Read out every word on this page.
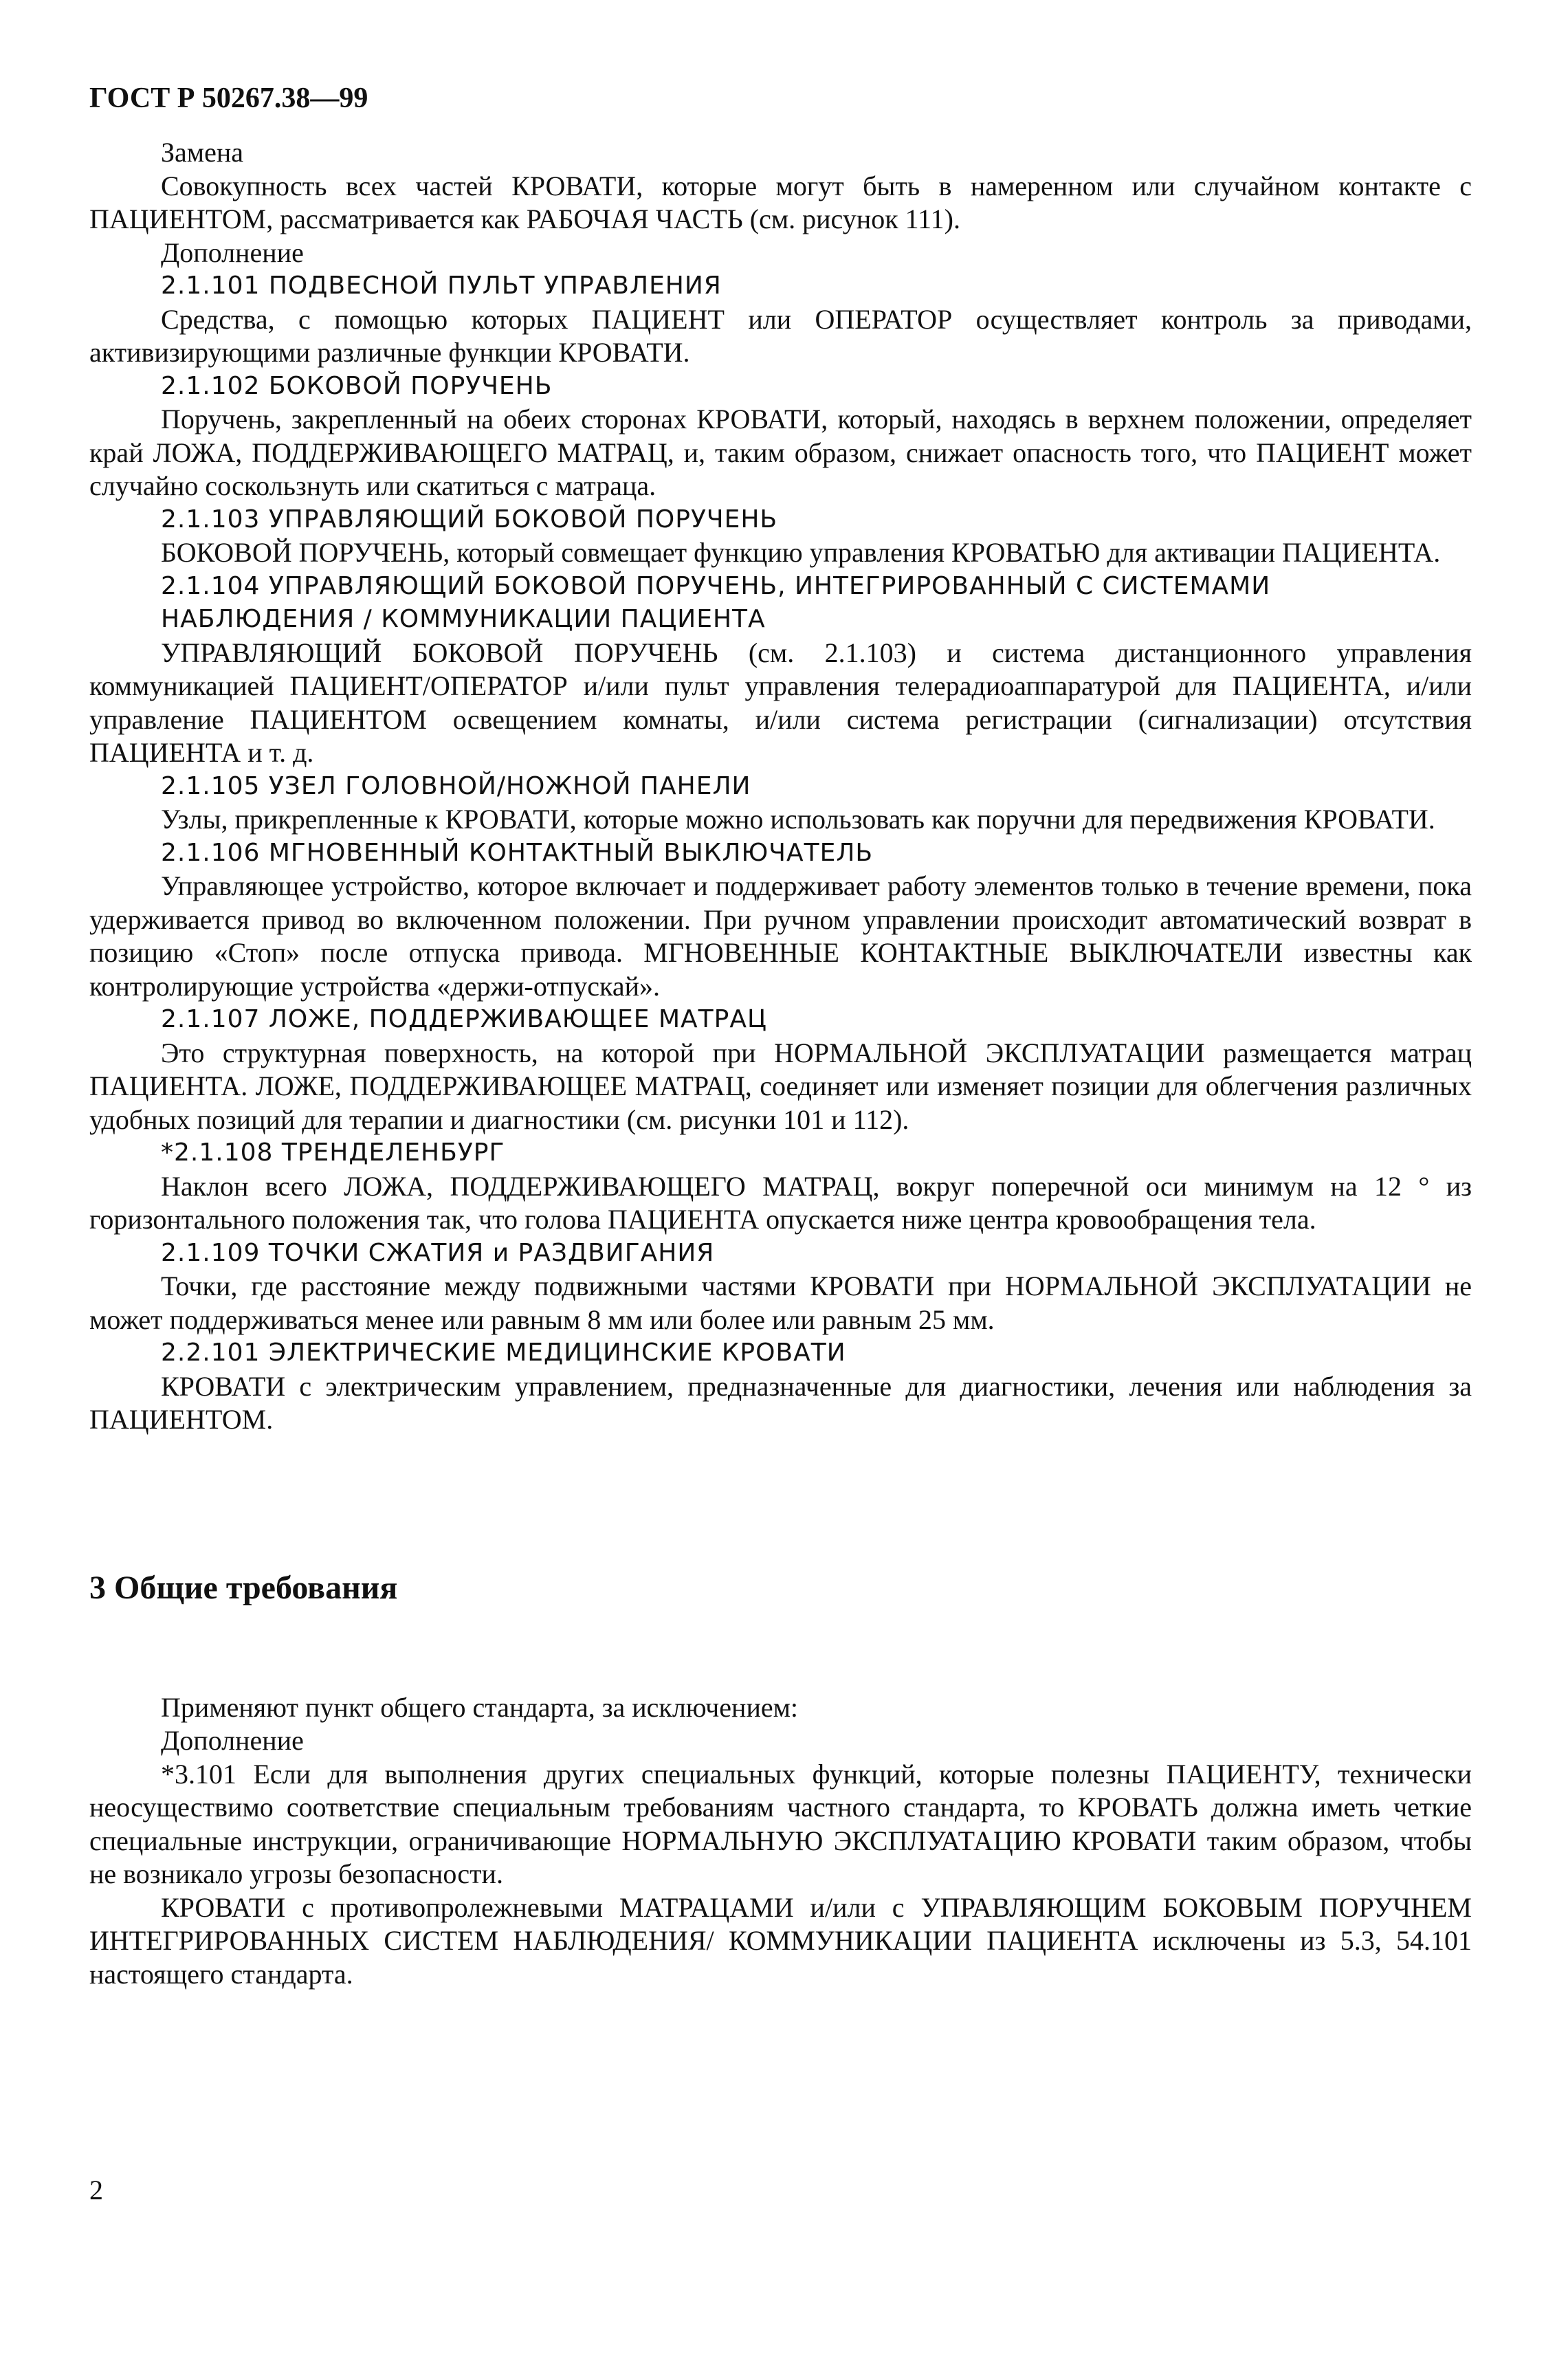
ГОСТ Р 50267.38—99

Замена

Совокупность всех частей КРОВАТИ, которые могут быть в намеренном или случайном контакте с ПАЦИЕНТОМ, рассматривается как РАБОЧАЯ ЧАСТЬ (см. рисунок 111).

Дополнение

2.1.101 ПОДВЕСНОЙ ПУЛЬТ УПРАВЛЕНИЯ

Средства, с помощью которых ПАЦИЕНТ или ОПЕРАТОР осуществляет контроль за приводами, активизирующими различные функции КРОВАТИ.

2.1.102 БОКОВОЙ ПОРУЧЕНЬ

Поручень, закрепленный на обеих сторонах КРОВАТИ, который, находясь в верхнем положении, определяет край ЛОЖА, ПОДДЕРЖИВАЮЩЕГО МАТРАЦ, и, таким образом, снижает опасность того, что ПАЦИЕНТ может случайно соскользнуть или скатиться с матраца.

2.1.103 УПРАВЛЯЮЩИЙ БОКОВОЙ ПОРУЧЕНЬ

БОКОВОЙ ПОРУЧЕНЬ, который совмещает функцию управления КРОВАТЬЮ для активации ПАЦИЕНТА.

2.1.104 УПРАВЛЯЮЩИЙ БОКОВОЙ ПОРУЧЕНЬ, ИНТЕГРИРОВАННЫЙ С СИСТЕМАМИ НАБЛЮДЕНИЯ / КОММУНИКАЦИИ ПАЦИЕНТА

УПРАВЛЯЮЩИЙ БОКОВОЙ ПОРУЧЕНЬ (см. 2.1.103) и система дистанционного управления коммуникацией ПАЦИЕНТ/ОПЕРАТОР и/или пульт управления телерадиоаппаратурой для ПАЦИЕНТА, и/или управление ПАЦИЕНТОМ освещением комнаты, и/или система регистрации (сигнализации) отсутствия ПАЦИЕНТА и т. д.

2.1.105 УЗЕЛ ГОЛОВНОЙ/НОЖНОЙ ПАНЕЛИ

Узлы, прикрепленные к КРОВАТИ, которые можно использовать как поручни для передвижения КРОВАТИ.

2.1.106 МГНОВЕННЫЙ КОНТАКТНЫЙ ВЫКЛЮЧАТЕЛЬ

Управляющее устройство, которое включает и поддерживает работу элементов только в течение времени, пока удерживается привод во включенном положении. При ручном управлении происходит автоматический возврат в позицию «Стоп» после отпуска привода. МГНОВЕННЫЕ КОНТАКТНЫЕ ВЫКЛЮЧАТЕЛИ известны как контролирующие устройства «держи-отпускай».

2.1.107 ЛОЖЕ, ПОДДЕРЖИВАЮЩЕЕ МАТРАЦ

Это структурная поверхность, на которой при НОРМАЛЬНОЙ ЭКСПЛУАТАЦИИ размещается матрац ПАЦИЕНТА. ЛОЖЕ, ПОДДЕРЖИВАЮЩЕЕ МАТРАЦ, соединяет или изменяет позиции для облегчения различных удобных позиций для терапии и диагностики (см. рисунки 101 и 112).

*2.1.108 ТРЕНДЕЛЕНБУРГ

Наклон всего ЛОЖА, ПОДДЕРЖИВАЮЩЕГО МАТРАЦ, вокруг поперечной оси минимум на 12 ° из горизонтального положения так, что голова ПАЦИЕНТА опускается ниже центра кровообращения тела.

2.1.109 ТОЧКИ СЖАТИЯ и РАЗДВИГАНИЯ

Точки, где расстояние между подвижными частями КРОВАТИ при НОРМАЛЬНОЙ ЭКСПЛУАТАЦИИ не может поддерживаться менее или равным 8 мм или более или равным 25 мм.

2.2.101 ЭЛЕКТРИЧЕСКИЕ МЕДИЦИНСКИЕ КРОВАТИ

КРОВАТИ с электрическим управлением, предназначенные для диагностики, лечения или наблюдения за ПАЦИЕНТОМ.

3 Общие требования

Применяют пункт общего стандарта, за исключением:

Дополнение

*3.101 Если для выполнения других специальных функций, которые полезны ПАЦИЕНТУ, технически неосуществимо соответствие специальным требованиям частного стандарта, то КРОВАТЬ должна иметь четкие специальные инструкции, ограничивающие НОРМАЛЬНУЮ ЭКСПЛУАТАЦИЮ КРОВАТИ таким образом, чтобы не возникало угрозы безопасности.

КРОВАТИ с противопролежневыми МАТРАЦАМИ и/или с УПРАВЛЯЮЩИМ БОКОВЫМ ПОРУЧНЕМ ИНТЕГРИРОВАННЫХ СИСТЕМ НАБЛЮДЕНИЯ/ КОММУНИКАЦИИ ПАЦИЕНТА исключены из 5.3, 54.101 настоящего стандарта.

2
